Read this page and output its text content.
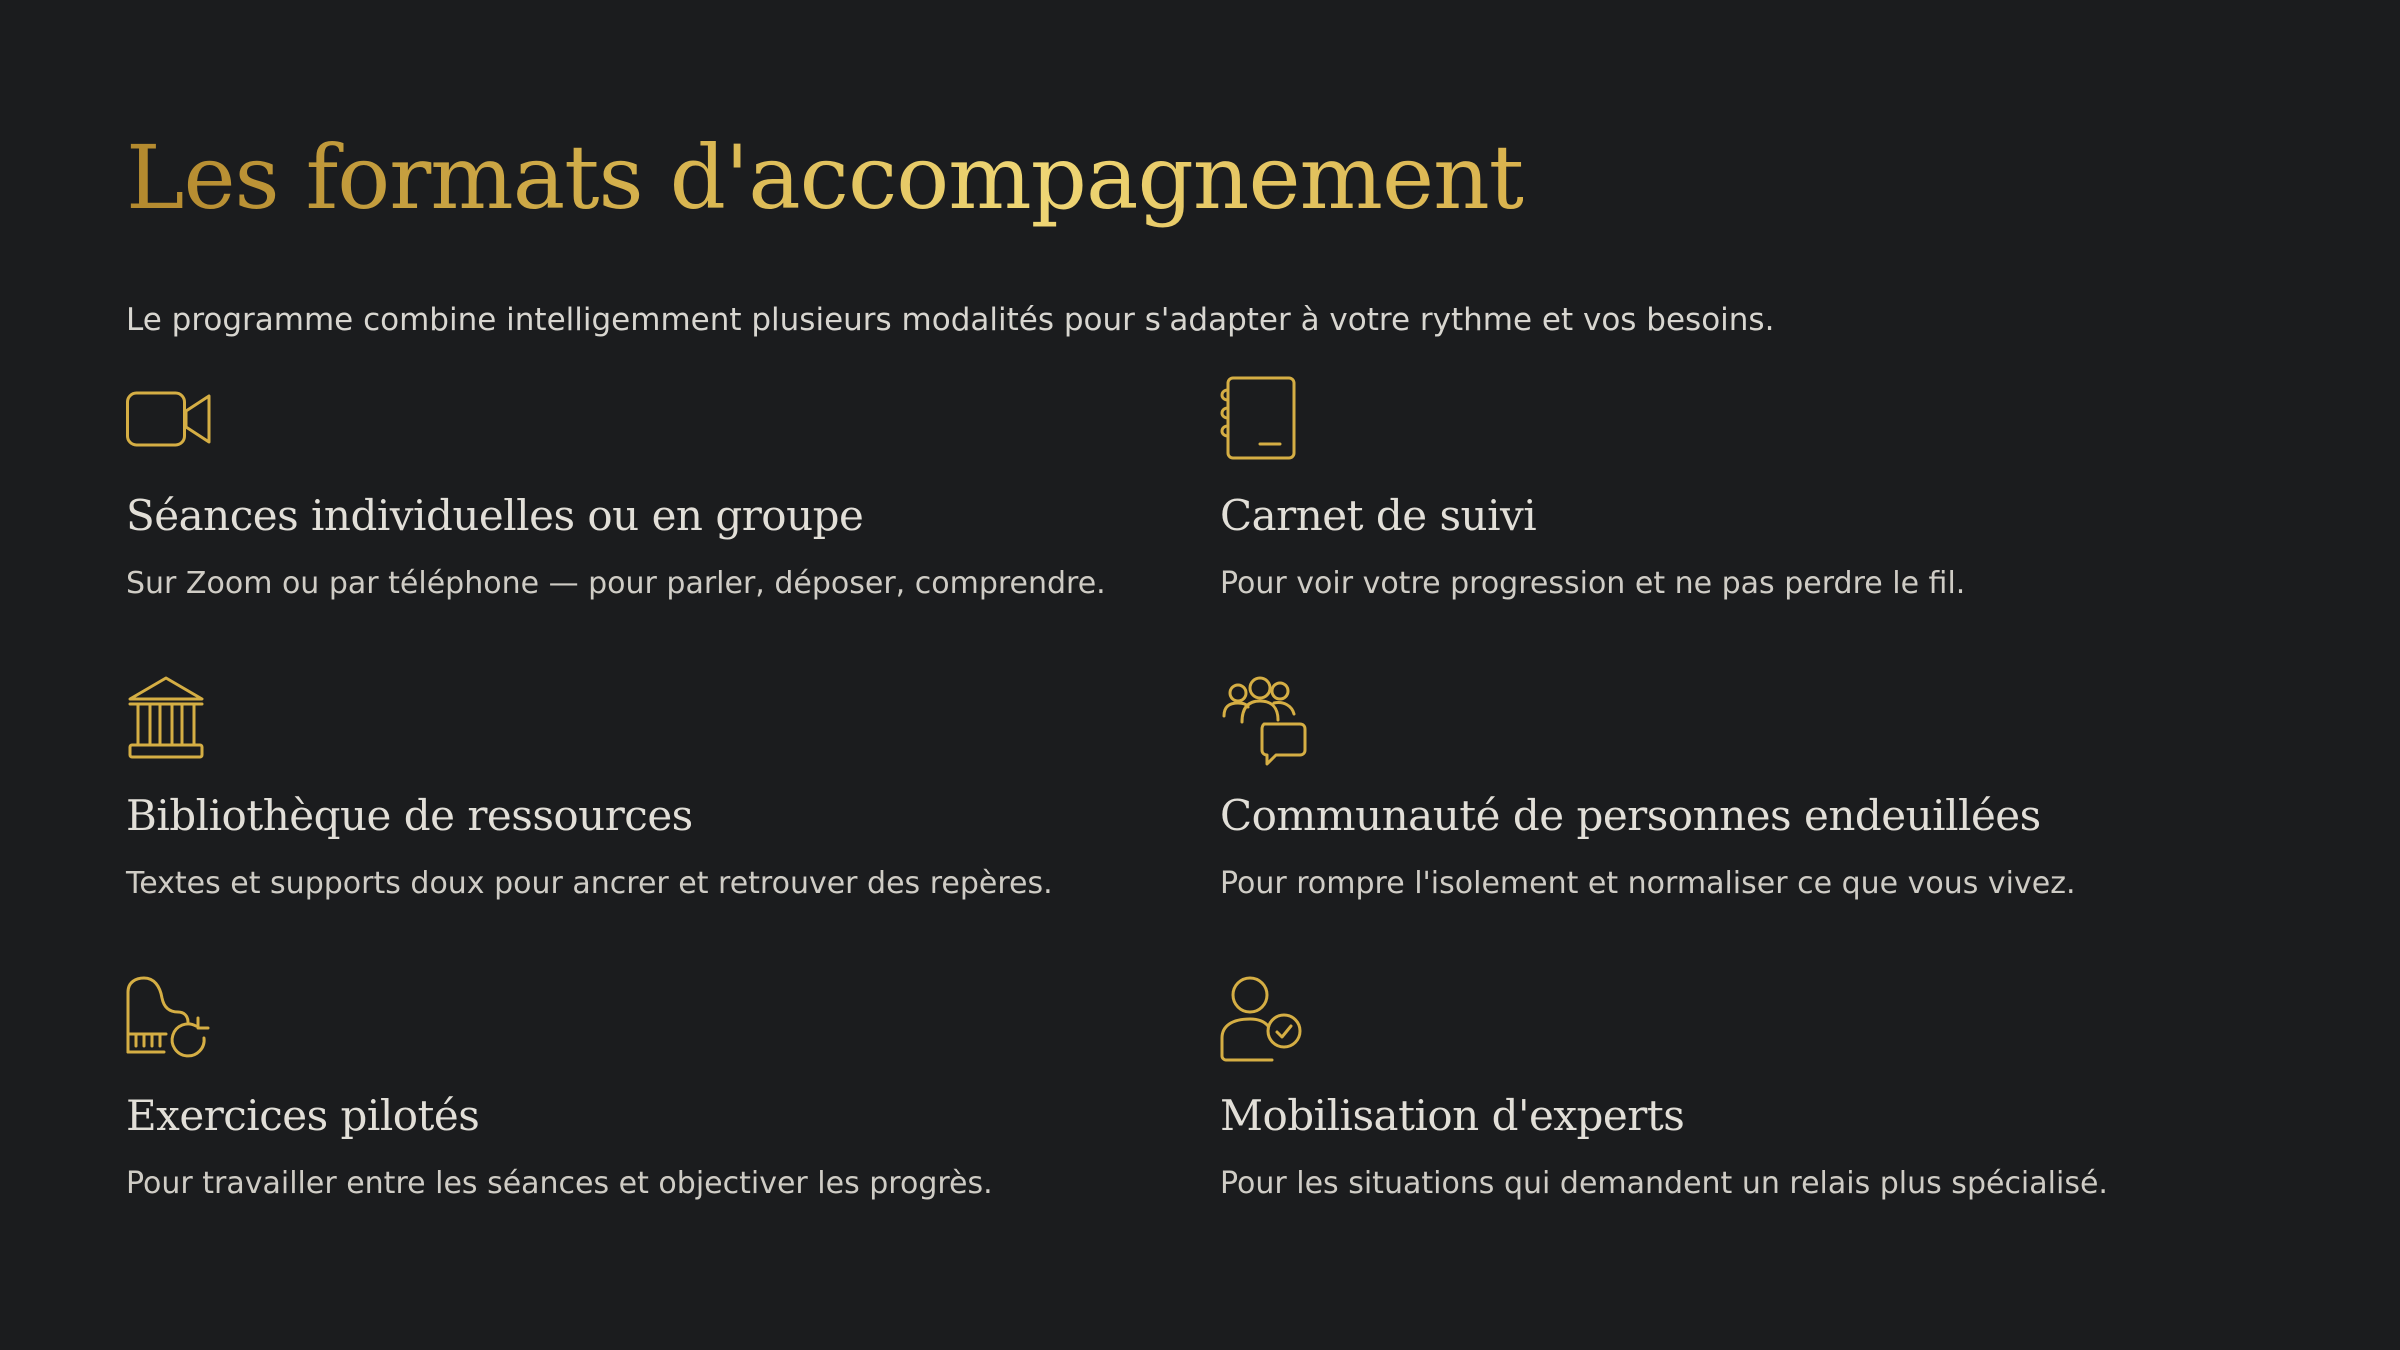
Les formats d'accompagnement

Le programme combine intelligemment plusieurs modalités pour s'adapter à votre rythme et vos besoins.

Séances individuelles ou en groupe

Sur Zoom ou par téléphone — pour parler, déposer, comprendre.

Carnet de suivi

Pour voir votre progression et ne pas perdre le fil.

Bibliothèque de ressources

Textes et supports doux pour ancrer et retrouver des repères.

Communauté de personnes endeuillées

Pour rompre l'isolement et normaliser ce que vous vivez.

Exercices pilotés

Pour travailler entre les séances et objectiver les progrès.

Mobilisation d'experts

Pour les situations qui demandent un relais plus spécialisé.
